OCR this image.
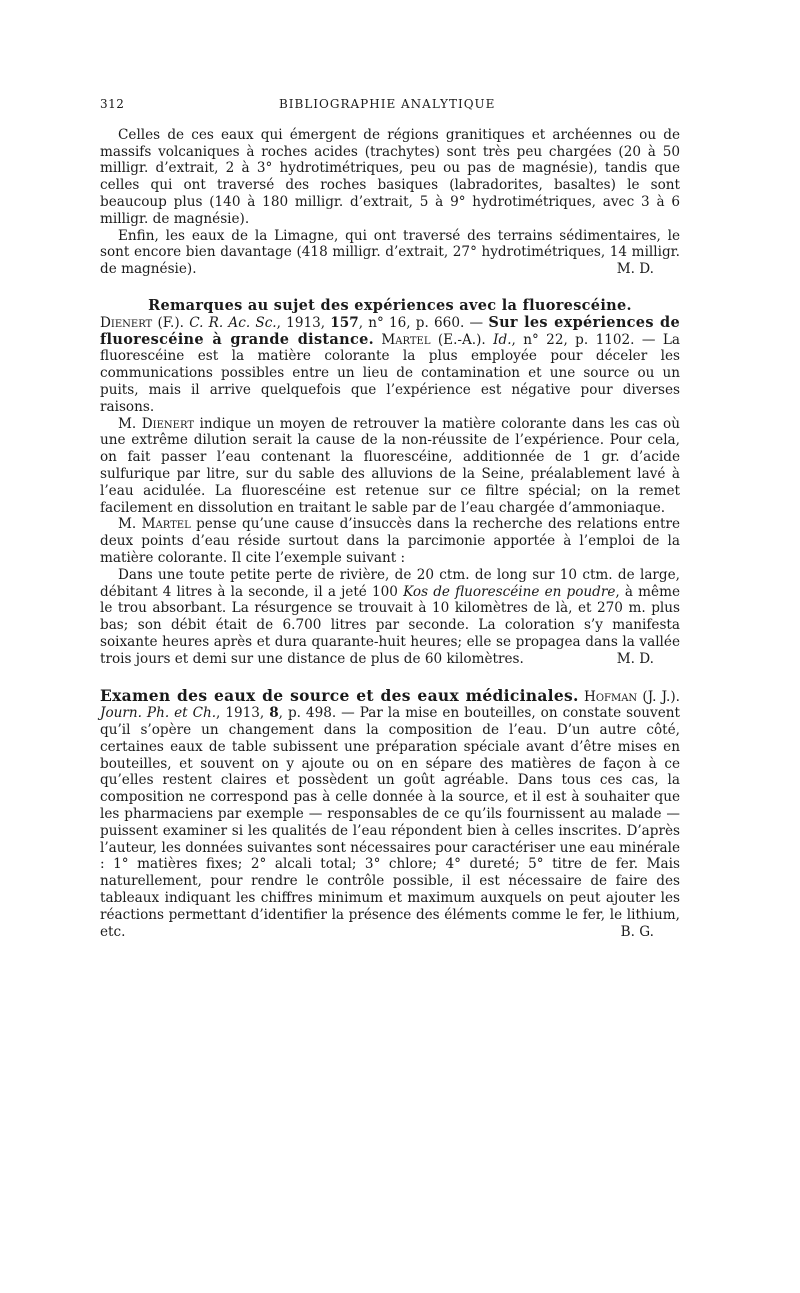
312	BIBLIOGRAPHIE ANALYTIQUE

Celles de ces eaux qui émergent de régions granitiques et archéennes ou de massifs volcaniques à roches acides (trachytes) sont très peu chargées (20 à 50 milligr. d’extrait, 2 à 3° hydrotimétriques, peu ou pas de magnésie), tandis que celles qui ont traversé des roches basiques (labradorites, basaltes) le sont beaucoup plus (140 à 180 milligr. d’extrait, 5 à 9° hydrotimétriques, avec 3 à 6 milligr. de magnésie).

Enfin, les eaux de la Limagne, qui ont traversé des terrains sédimentaires, le sont encore bien davantage (418 milligr. d’extrait, 27° hydrotimétriques, 14 milligr. de magnésie).	M. D.

Remarques au sujet des expériences avec la fluorescéine.

Dienert (F.). C. R. Ac. Sc., 1913, 157, n° 16, p. 660. — Sur les expériences de fluorescéine à grande distance. Martel (E.-A.). Id., n° 22, p. 1102. — La fluorescéine est la matière colorante la plus employée pour déceler les communications possibles entre un lieu de contamination et une source ou un puits, mais il arrive quelquefois que l’expérience est négative pour diverses raisons.

M. Dienert indique un moyen de retrouver la matière colorante dans les cas où une extrême dilution serait la cause de la non-réussite de l’expérience. Pour cela, on fait passer l’eau contenant la fluorescéine, additionnée de 1 gr. d’acide sulfurique par litre, sur du sable des alluvions de la Seine, préalablement lavé à l’eau acidulée. La fluorescéine est retenue sur ce filtre spécial; on la remet facilement en dissolution en traitant le sable par de l’eau chargée d’ammoniaque.

M. Martel pense qu’une cause d’insuccès dans la recherche des relations entre deux points d’eau réside surtout dans la parcimonie apportée à l’emploi de la matière colorante. Il cite l’exemple suivant :

Dans une toute petite perte de rivière, de 20 ctm. de long sur 10 ctm. de large, débitant 4 litres à la seconde, il a jeté 100 Kos de fluorescéine en poudre, à même le trou absorbant. La résurgence se trouvait à 10 kilomètres de là, et 270 m. plus bas; son débit était de 6.700 litres par seconde. La coloration s’y manifesta soixante heures après et dura quarante-huit heures; elle se propagea dans la vallée trois jours et demi sur une distance de plus de 60 kilomètres.	M. D.

Examen des eaux de source et des eaux médicinales. Hofman (J. J.). Journ. Ph. et Ch., 1913, 8, p. 498. — Par la mise en bouteilles, on constate souvent qu’il s’opère un changement dans la composition de l’eau. D’un autre côté, certaines eaux de table subissent une préparation spéciale avant d’être mises en bouteilles, et souvent on y ajoute ou on en sépare des matières de façon à ce qu’elles restent claires et possèdent un goût agréable. Dans tous ces cas, la composition ne correspond pas à celle donnée à la source, et il est à souhaiter que les pharmaciens par exemple — responsables de ce qu’ils fournissent au malade — puissent examiner si les qualités de l’eau répondent bien à celles inscrites. D’après l’auteur, les données suivantes sont nécessaires pour caractériser une eau minérale : 1° matières fixes; 2° alcali total; 3° chlore; 4° dureté; 5° titre de fer. Mais naturellement, pour rendre le contrôle possible, il est nécessaire de faire des tableaux indiquant les chiffres minimum et maximum auxquels on peut ajouter les réactions permettant d’identifier la présence des éléments comme le fer, le lithium, etc.	B. G.
